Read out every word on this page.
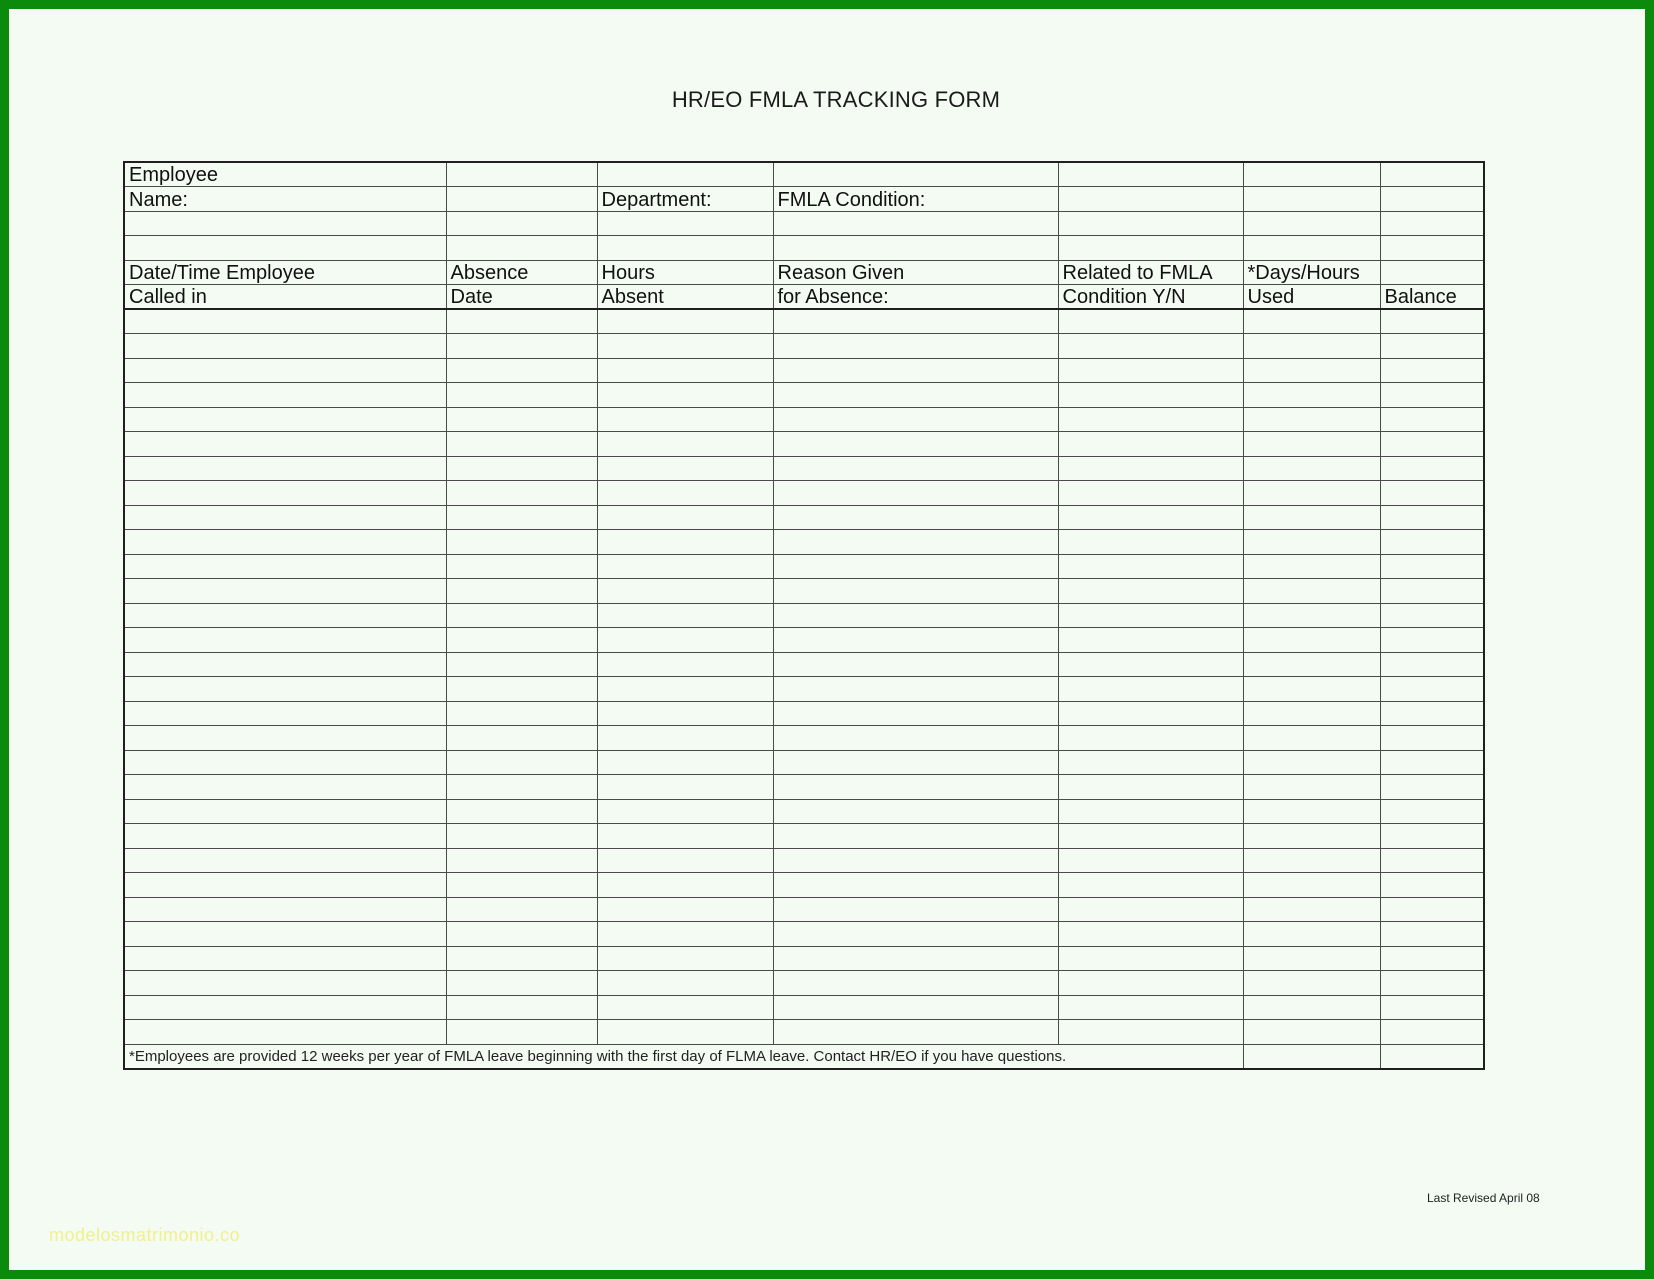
HR/EO FMLA TRACKING FORM
Employee						
Name:		Department:	FMLA Condition:			

Date/Time Employee	Absence	Hours	Reason Given	Related to FMLA	*Days/Hours	
Called in	Date	Absent	for Absence:	Condition Y/N	Used	Balance

*Employees are provided 12 weeks per year of FMLA leave beginning with the first day of FLMA leave. Contact HR/EO if you have questions.						
Last Revised April 08
modelosmatrimonio.co
